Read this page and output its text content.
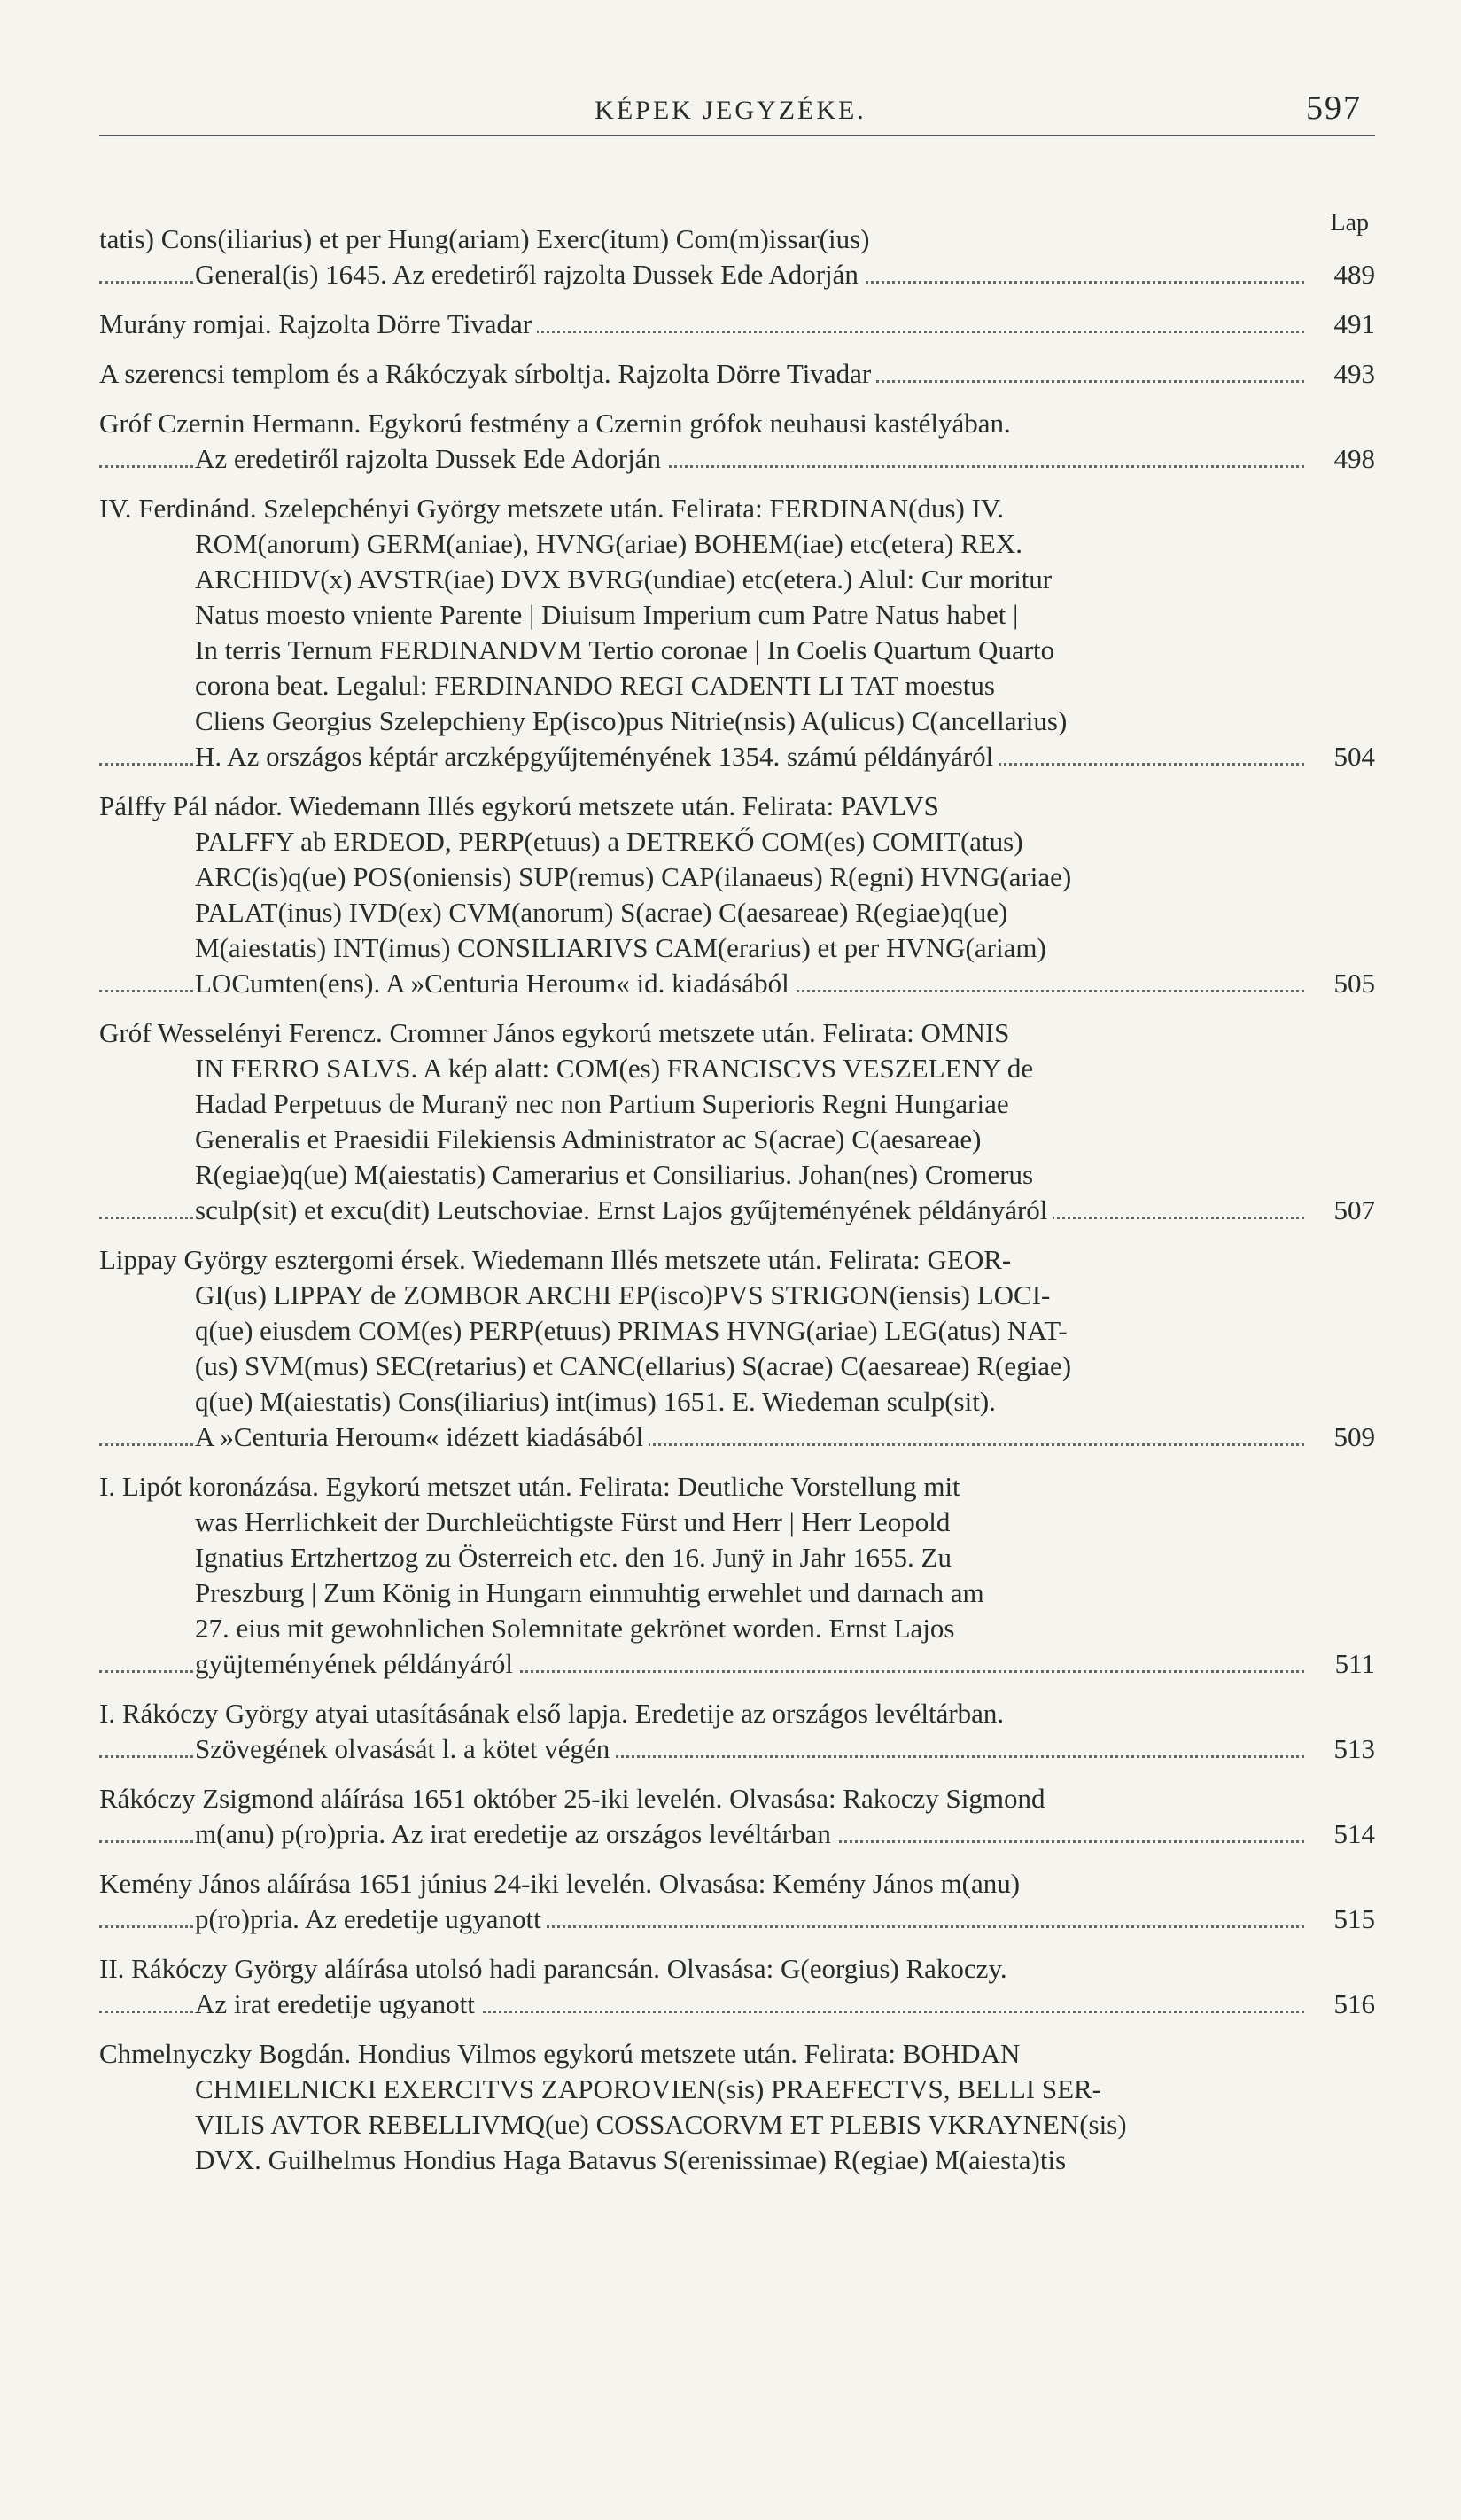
KÉPEK JEGYZÉKE.	597
Lap
tatis) Cons(iliarius) et per Hung(ariam) Exerc(itum) Com(m)issar(ius)
General(is) 1645. Az eredetiről rajzolta Dussek Ede Adorján	489
Murány romjai. Rajzolta Dörre Tivadar	491
A szerencsi templom és a Rákóczyak sírboltja. Rajzolta Dörre Tivadar	493
Gróf Czernin Hermann. Egykorú festmény a Czernin grófok neuhausi kastélyában.
Az eredetiről rajzolta Dussek Ede Adorján	498
IV. Ferdinánd. Szelepchényi György metszete után. Felirata: FERDINAN(dus) IV.
ROM(anorum) GERM(aniae), HVNG(ariae) BOHEM(iae) etc(etera) REX.
ARCHIDV(x) AVSTR(iae) DVX BVRG(undiae) etc(etera.) Alul: Cur moritur
Natus moesto vniente Parente | Diuisum Imperium cum Patre Natus habet |
In terris Ternum FERDINANDVM Tertio coronae | In Coelis Quartum Quarto
corona beat. Legalul: FERDINANDO REGI CADENTI LI TAT moestus
Cliens Georgius Szelepchieny Ep(isco)pus Nitrie(nsis) A(ulicus) C(ancellarius)
H. Az országos képtár arczképgyűjteményének 1354. számú példányáról	504
Pálffy Pál nádor. Wiedemann Illés egykorú metszete után. Felirata: PAVLVS
PALFFY ab ERDEOD, PERP(etuus) a DETREKŐ COM(es) COMIT(atus)
ARC(is)q(ue) POS(oniensis) SUP(remus) CAP(ilanaeus) R(egni) HVNG(ariae)
PALAT(inus) IVD(ex) CVM(anorum) S(acrae) C(aesareae) R(egiae)q(ue)
M(aiestatis) INT(imus) CONSILIARIVS CAM(erarius) et per HVNG(ariam)
LOCumten(ens). A »Centuria Heroum« id. kiadásából	505
Gróf Wesselényi Ferencz. Cromner János egykorú metszete után. Felirata: OMNIS
IN FERRO SALVS. A kép alatt: COM(es) FRANCISCVS VESZELENY de
Hadad Perpetuus de Muranÿ nec non Partium Superioris Regni Hungariae
Generalis et Praesidii Filekiensis Administrator ac S(acrae) C(aesareae)
R(egiae)q(ue) M(aiestatis) Camerarius et Consiliarius. Johan(nes) Cromerus
sculp(sit) et excu(dit) Leutschoviae. Ernst Lajos gyűjteményének példányáról	507
Lippay György esztergomi érsek. Wiedemann Illés metszete után. Felirata: GEOR-
GI(us) LIPPAY de ZOMBOR ARCHI EP(isco)PVS STRIGON(iensis) LOCI-
q(ue) eiusdem COM(es) PERP(etuus) PRIMAS HVNG(ariae) LEG(atus) NAT-
(us) SVM(mus) SEC(retarius) et CANC(ellarius) S(acrae) C(aesareae) R(egiae)
q(ue) M(aiestatis) Cons(iliarius) int(imus) 1651. E. Wiedeman sculp(sit).
A »Centuria Heroum« idézett kiadásából	509
I. Lipót koronázása. Egykorú metszet után. Felirata: Deutliche Vorstellung mit
was Herrlichkeit der Durchleüchtigste Fürst und Herr | Herr Leopold
Ignatius Ertzhertzog zu Österreich etc. den 16. Junÿ in Jahr 1655. Zu
Preszburg | Zum König in Hungarn einmuhtig erwehlet und darnach am
27. eius mit gewohnlichen Solemnitate gekrönet worden. Ernst Lajos
gyüjteményének példányáról	511
I. Rákóczy György atyai utasításának első lapja. Eredetije az országos levéltárban.
Szövegének olvasását l. a kötet végén	513
Rákóczy Zsigmond aláírása 1651 október 25-iki levelén. Olvasása: Rakoczy Sigmond
m(anu) p(ro)pria. Az irat eredetije az országos levéltárban	514
Kemény János aláírása 1651 június 24-iki levelén. Olvasása: Kemény János m(anu)
p(ro)pria. Az eredetije ugyanott	515
II. Rákóczy György aláírása utolsó hadi parancsán. Olvasása: G(eorgius) Rakoczy.
Az irat eredetije ugyanott	516
Chmelnyczky Bogdán. Hondius Vilmos egykorú metszete után. Felirata: BOHDAN
CHMIELNICKI EXERCITVS ZAPOROVIEN(sis) PRAEFECTVS, BELLI SER-
VILIS AVTOR REBELLIVMQ(ue) COSSACORVM ET PLEBIS VKRAYNEN(sis)
DVX. Guilhelmus Hondius Haga Batavus S(erenissimae) R(egiae) M(aiesta)tis
